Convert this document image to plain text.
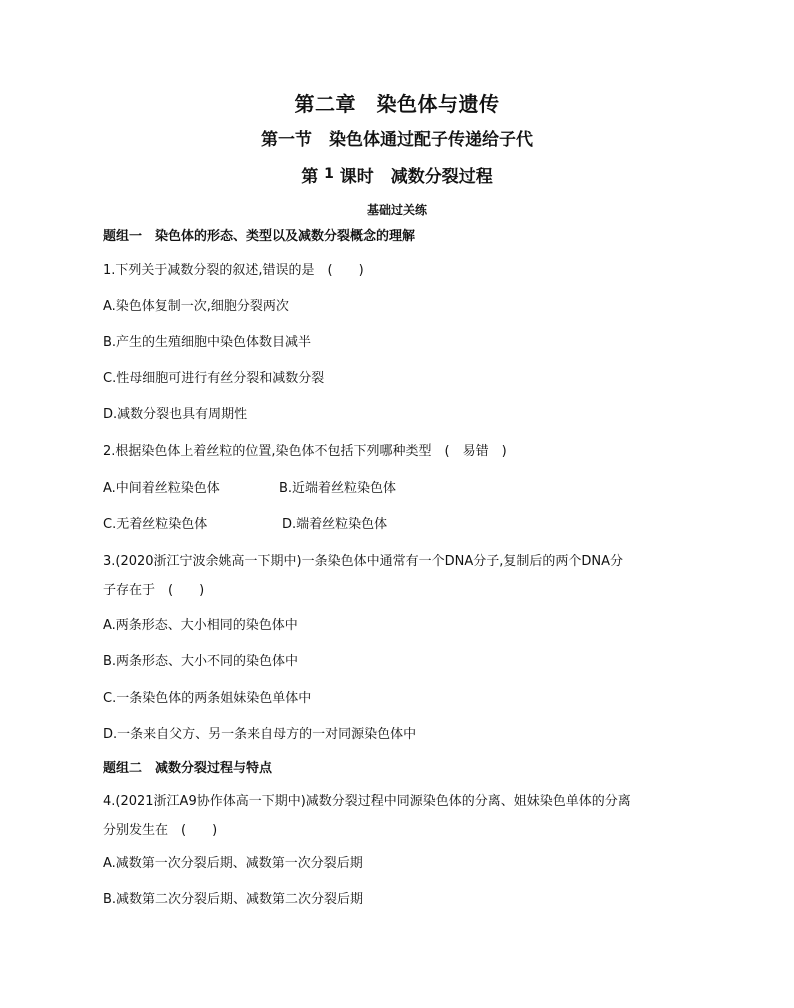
第二章　染色体与遗传
第一节　染色体通过配子传递给子代
第 $^1$ 课时　减数分裂过程
基础过关练
题组一　染色体的形态、类型以及减数分裂概念的理解
1.下列关于减数分裂的叙述,错误的是　(　　)
A.染色体复制一次,细胞分裂两次
B.产生的生殖细胞中染色体数目减半
C.性母细胞可进行有丝分裂和减数分裂
D.减数分裂也具有周期性
2.根据染色体上着丝粒的位置,染色体不包括下列哪种类型　(　易错　)
A.中间着丝粒染色体	B.近端着丝粒染色体
C.无着丝粒染色体	D.端着丝粒染色体
3.(2020浙江宁波余姚高一下期中)一条染色体中通常有一个DNA分子,复制后的两个DNA分
子存在于　(　　)
A.两条形态、大小相同的染色体中
B.两条形态、大小不同的染色体中
C.一条染色体的两条姐妹染色单体中
D.一条来自父方、另一条来自母方的一对同源染色体中
题组二　减数分裂过程与特点
4.(2021浙江A9协作体高一下期中)减数分裂过程中同源染色体的分离、姐妹染色单体的分离
分别发生在　(　　)
A.减数第一次分裂后期、减数第一次分裂后期
B.减数第二次分裂后期、减数第二次分裂后期
